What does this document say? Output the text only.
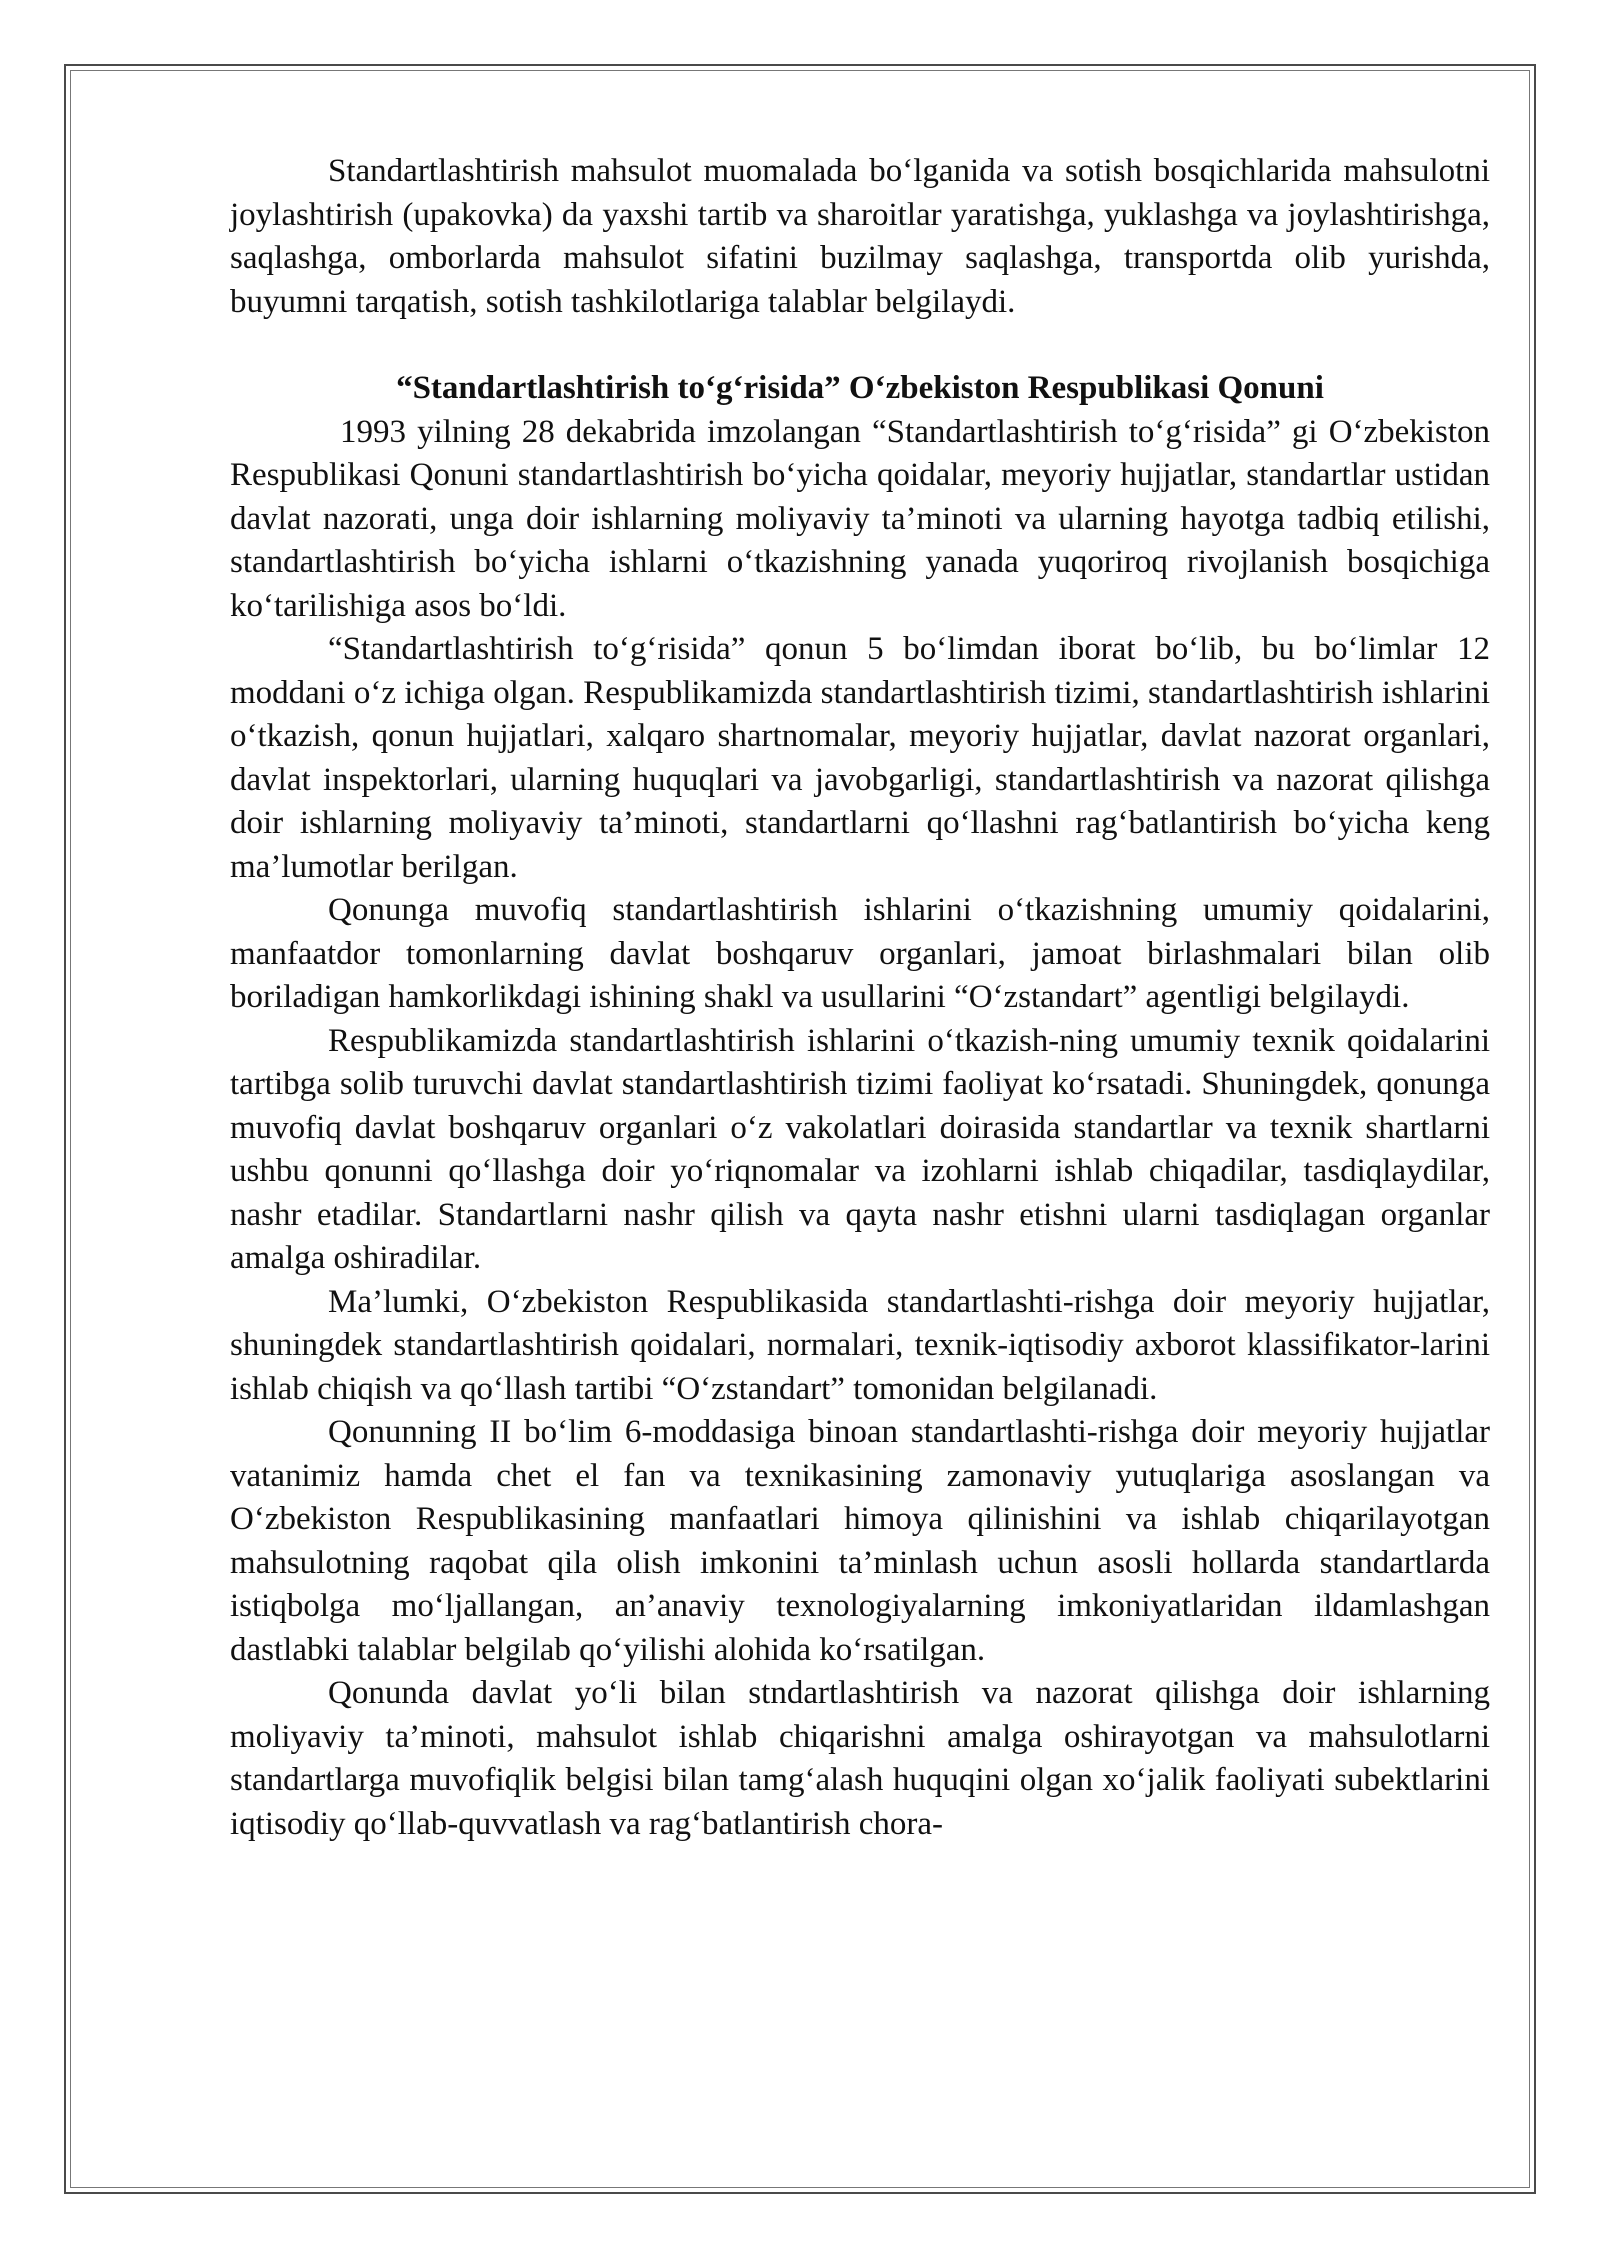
Standartlashtirish mahsulot muomalada bo‘lganida va sotish bosqichlarida mahsulotni joylashtirish (upakovka) da yaxshi tartib va sharoitlar yaratishga, yuklashga va joylashtirishga, saqlashga, omborlarda mahsulot sifatini buzilmay saqlashga, transportda olib yurishda, buyumni tarqatish, sotish tashkilotlariga talablar belgilaydi.

“Standartlashtirish to‘g‘risida” O‘zbekiston Respublikasi Qonuni

1993 yilning 28 dekabrida imzolangan “Standartlashtirish to‘g‘risida” gi O‘zbekiston Respublikasi Qonuni standartlashtirish bo‘yicha qoidalar, meyoriy hujjatlar, standartlar ustidan davlat nazorati, unga doir ishlarning moliyaviy ta’minoti va ularning hayotga tadbiq etilishi, standartlashtirish bo‘yicha ishlarni o‘tkazishning yanada yuqoriroq rivojlanish bosqichiga ko‘tarilishiga asos bo‘ldi.

“Standartlashtirish to‘g‘risida” qonun 5 bo‘limdan iborat bo‘lib, bu bo‘limlar 12 moddani o‘z ichiga olgan. Respublikamizda standartlashtirish tizimi, standartlashtirish ishlarini o‘tkazish, qonun hujjatlari, xalqaro shartnomalar, meyoriy hujjatlar, davlat nazorat organlari, davlat inspektorlari, ularning huquqlari va javobgarligi, standartlashtirish va nazorat qilishga doir ishlarning moliyaviy ta’minoti, standartlarni qo‘llashni rag‘batlantirish bo‘yicha keng ma’lumotlar berilgan.

Qonunga muvofiq standartlashtirish ishlarini o‘tkazishning umumiy qoidalarini, manfaatdor tomonlarning davlat boshqaruv organlari, jamoat birlashmalari bilan olib boriladigan hamkorlikdagi ishining shakl va usullarini “O‘zstandart” agentligi belgilaydi.

Respublikamizda standartlashtirish ishlarini o‘tkazish-ning umumiy texnik qoidalarini tartibga solib turuvchi davlat standartlashtirish tizimi faoliyat ko‘rsatadi. Shuningdek, qonunga muvofiq davlat boshqaruv organlari o‘z vakolatlari doirasida standartlar va texnik shartlarni ushbu qonunni qo‘llashga doir yo‘riqnomalar va izohlarni ishlab chiqadilar, tasdiqlaydilar, nashr etadilar. Standartlarni nashr qilish va qayta nashr etishni ularni tasdiqlagan organlar amalga oshiradilar.

Ma’lumki, O‘zbekiston Respublikasida standartlashti-rishga doir meyoriy hujjatlar, shuningdek standartlashtirish qoidalari, normalari, texnik-iqtisodiy axborot klassifikator-larini ishlab chiqish va qo‘llash tartibi “O‘zstandart” tomonidan belgilanadi.

Qonunning II bo‘lim 6-moddasiga binoan standartlashti-rishga doir meyoriy hujjatlar vatanimiz hamda chet el fan va texnikasining zamonaviy yutuqlariga asoslangan va O‘zbekiston Respublikasining manfaatlari himoya qilinishini va ishlab chiqarilayotgan mahsulotning raqobat qila olish imkonini ta’minlash uchun asosli hollarda standartlarda istiqbolga mo‘ljallangan, an’anaviy texnologiyalarning imkoniyatlaridan ildamlashgan dastlabki talablar belgilab qo‘yilishi alohida ko‘rsatilgan.

Qonunda davlat yo‘li bilan stndartlashtirish va nazorat qilishga doir ishlarning moliyaviy ta’minoti, mahsulot ishlab chiqarishni amalga oshirayotgan va mahsulotlarni standartlarga muvofiqlik belgisi bilan tamg‘alash huquqini olgan xo‘jalik faoliyati subektlarini iqtisodiy qo‘llab-quvvatlash va rag‘batlantirish chora-
